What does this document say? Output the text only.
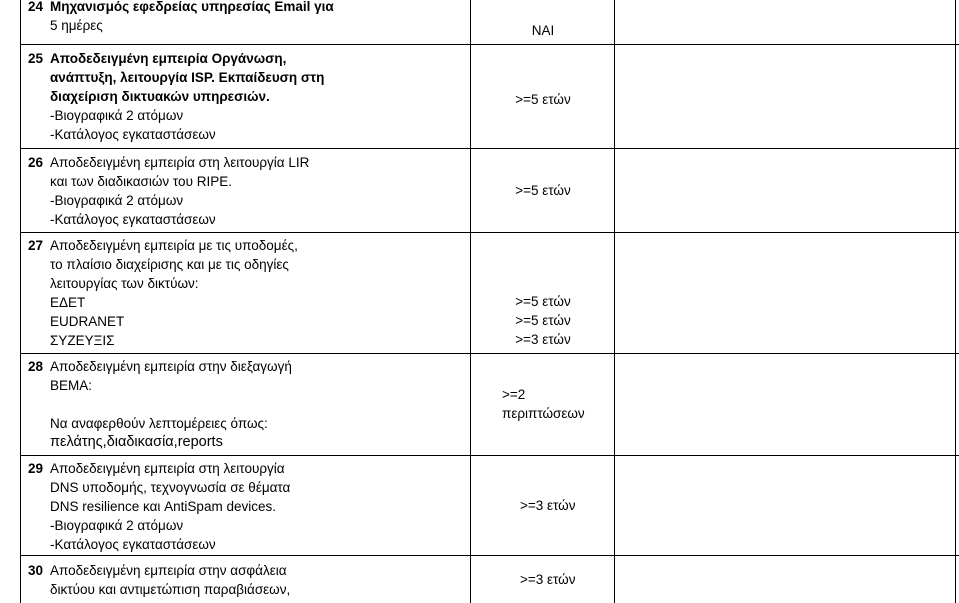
24 Μηχανισμός εφεδρείας υπηρεσίας Email για
5 ημέρες	ΝΑΙ
25 Αποδεδειγμένη εμπειρία Οργάνωση,
ανάπτυξη, λειτουργία ISP. Εκπαίδευση στη
διαχείριση δικτυακών υπηρεσιών.
-Βιογραφικά 2 ατόμων
-Κατάλογος εγκαταστάσεων
>=5 ετών
26 Αποδεδειγμένη εμπειρία στη λειτουργία LIR
και των διαδικασιών του RIPE.
-Βιογραφικά 2 ατόμων
-Κατάλογος εγκαταστάσεων
>=5 ετών
27 Αποδεδειγμένη εμπειρία με τις υποδομές,
το πλαίσιο διαχείρισης και με τις οδηγίες
λειτουργίας των δικτύων:
ΕΔΕΤ
EUDRANET
ΣΥΖΕΥΞΙΣ
>=5 ετών
>=5 ετών
>=3 ετών
28 Αποδεδειγμένη εμπειρία στην διεξαγωγή
BEMA:
Να αναφερθούν λεπτομέρειες όπως:
πελάτης,διαδικασία,reports
>=2
περιπτώσεων
29 Αποδεδειγμένη εμπειρία στη λειτουργία
DNS υποδομής, τεχνογνωσία σε θέματα
DNS resilience και AntiSpam devices.
-Βιογραφικά 2 ατόμων
-Κατάλογος εγκαταστάσεων
>=3 ετών
30 Αποδεδειγμένη εμπειρία στην ασφάλεια
δικτύου και αντιμετώπιση παραβιάσεων,
>=3 ετών
